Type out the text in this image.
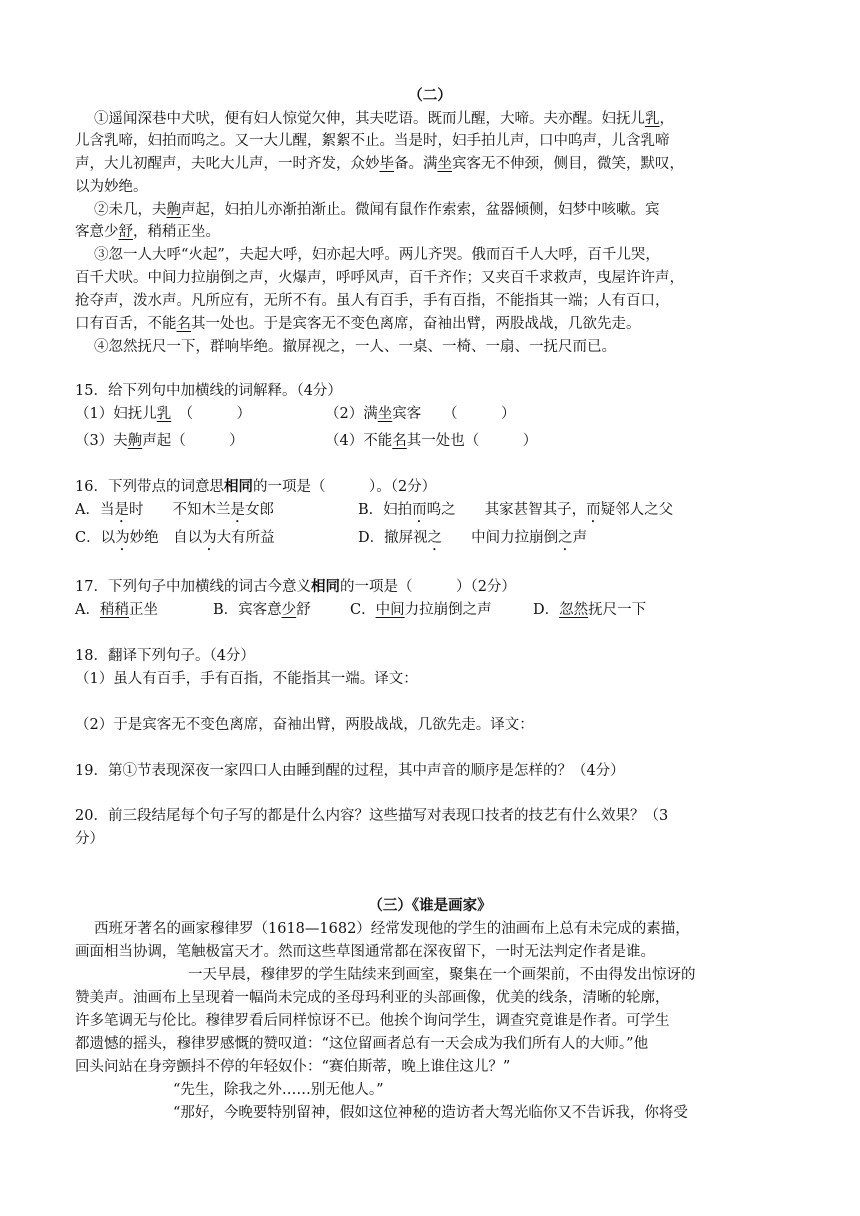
（二）
①遥闻深巷中犬吠，便有妇人惊觉欠伸，其夫呓语。既而儿醒，大啼。夫亦醒。妇抚儿乳，
儿含乳啼，妇拍而呜之。又一大儿醒，絮絮不止。当是时，妇手拍儿声，口中呜声，儿含乳啼
声，大儿初醒声，夫叱大儿声，一时齐发，众妙毕备。满坐宾客无不伸颈，侧目，微笑，默叹，
以为妙绝。
②未几，夫齁声起，妇拍儿亦渐拍渐止。微闻有鼠作作索索，盆器倾侧，妇梦中咳嗽。宾
客意少舒，稍稍正坐。
③忽一人大呼“火起”，夫起大呼，妇亦起大呼。两儿齐哭。俄而百千人大呼，百千儿哭，
百千犬吠。中间力拉崩倒之声，火爆声，呼呼风声，百千齐作；又夹百千求救声，曳屋许许声，
抢夺声，泼水声。凡所应有，无所不有。虽人有百手，手有百指，不能指其一端；人有百口，
口有百舌，不能名其一处也。于是宾客无不变色离席，奋袖出臂，两股战战，几欲先走。
④忽然抚尺一下，群响毕绝。撤屏视之，一人、一桌、一椅、一扇、一抚尺而已。
15．给下列句中加横线的词解释。（4分）
（1）妇抚儿乳　 （　　　）	（2）满坐宾客　　 （　　　）
（3）夫齁声起（　　　）	（4）不能名其一处也（　　　）
16．下列带点的词意思相同的一项是（　　　）。（2分）
A．当是时　　不知木兰是女郎	B．妇拍而呜之　　其家甚智其子，而疑邻人之父
C．以为妙绝　自以为大有所益	D．撤屏视之　　中间力拉崩倒之声
17．下列句子中加横线的词古今意义相同的一项是（　　　）（2分）
A．稍稍正坐	B．宾客意少舒	C．中间力拉崩倒之声	D．忽然抚尺一下
18．翻译下列句子。（4分）
（1）虽人有百手，手有百指，不能指其一端。译文：
（2）于是宾客无不变色离席，奋袖出臂，两股战战，几欲先走。译文：
19．第①节表现深夜一家四口人由睡到醒的过程，其中声音的顺序是怎样的？（4分）
20．前三段结尾每个句子写的都是什么内容？这些描写对表现口技者的技艺有什么效果？（3
分）
（三）《谁是画家》
西班牙著名的画家穆律罗（1618—1682）经常发现他的学生的油画布上总有未完成的素描，
画面相当协调，笔触极富天才。然而这些草图通常都在深夜留下，一时无法判定作者是谁。
一天早晨，穆律罗的学生陆续来到画室，聚集在一个画架前，不由得发出惊讶的
赞美声。油画布上呈现着一幅尚未完成的圣母玛利亚的头部画像，优美的线条，清晰的轮廓，
许多笔调无与伦比。穆律罗看后同样惊讶不已。他挨个询问学生，调查究竟谁是作者。可学生
都遗憾的摇头，穆律罗感慨的赞叹道：“这位留画者总有一天会成为我们所有人的大师。”他
回头问站在身旁颤抖不停的年轻奴仆：“赛伯斯蒂，晚上谁住这儿？”
“先生，除我之外……别无他人。”
“那好，今晚要特别留神，假如这位神秘的造访者大驾光临你又不告诉我，你将受
